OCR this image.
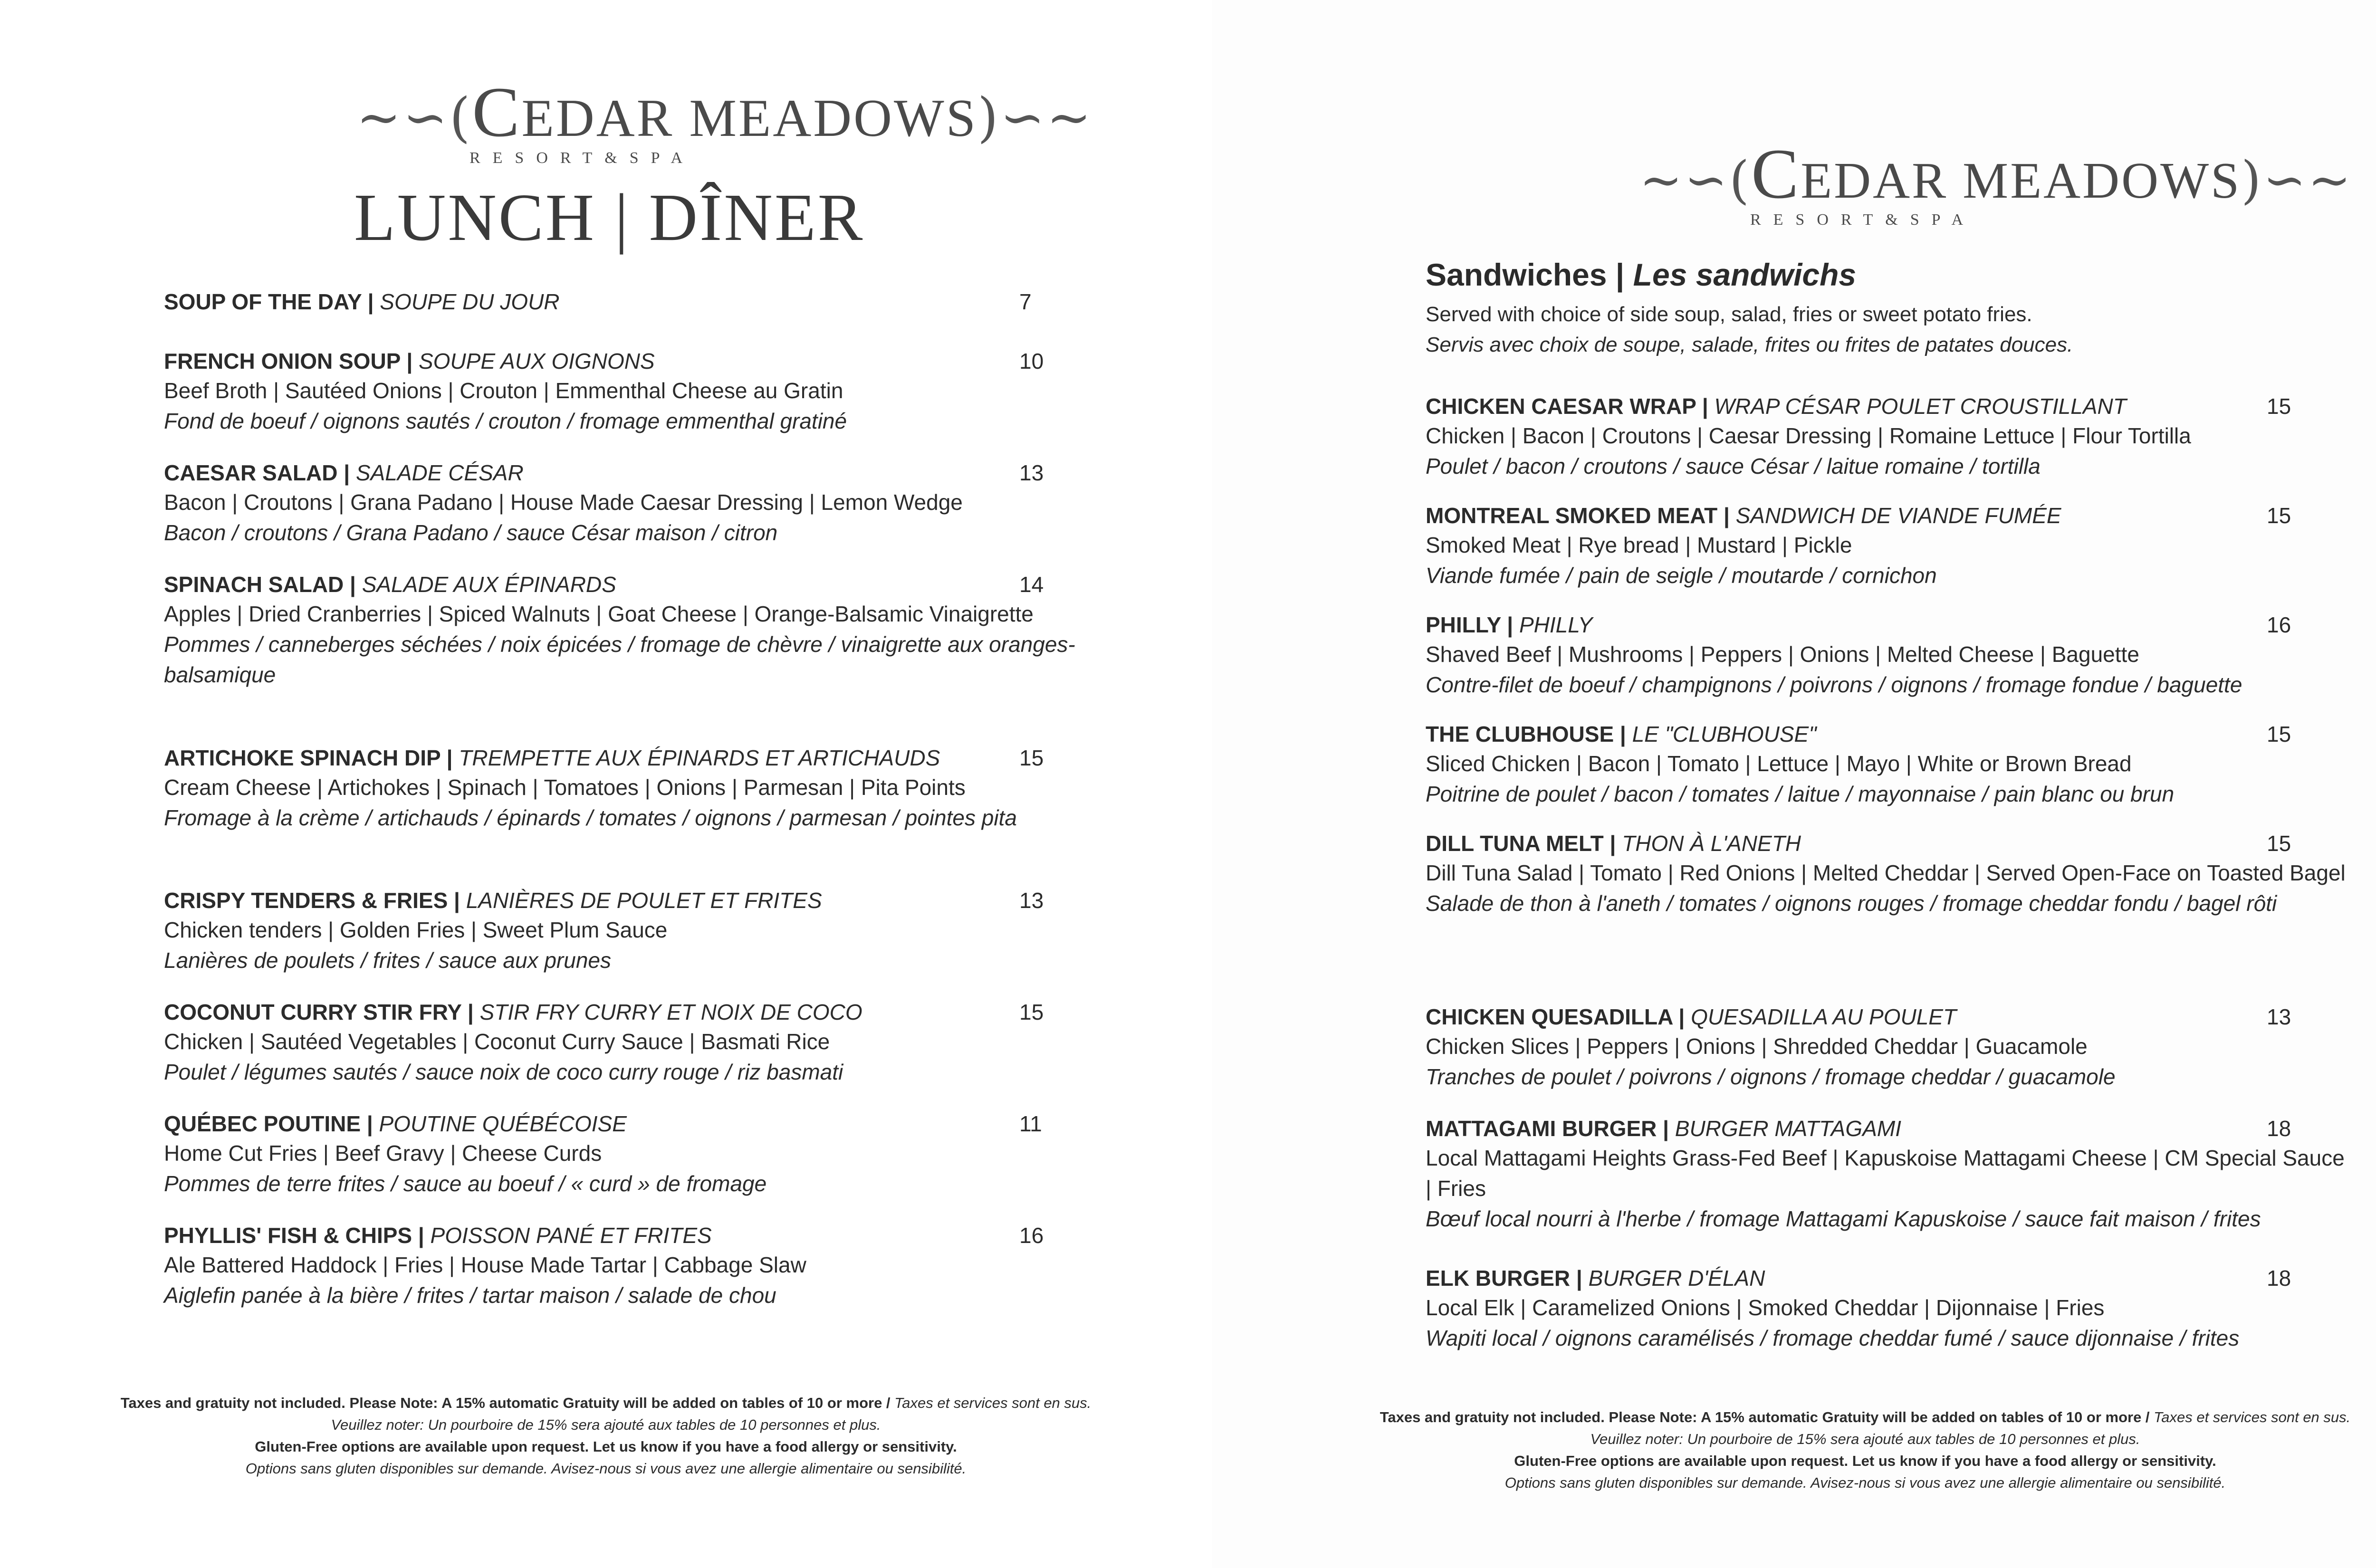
~∽(CEDAR MEADOWS)∽~
RESORT&SPA
LUNCH | DÎNER
SOUP OF THE DAY | SOUPE DU JOUR	7
FRENCH ONION SOUP | SOUPE AUX OIGNONS	10
Beef Broth | Sautéed Onions | Crouton | Emmenthal Cheese au Gratin
Fond de boeuf / oignons sautés / crouton / fromage emmenthal gratiné
CAESAR SALAD | SALADE CÉSAR	13
Bacon | Croutons | Grana Padano | House Made Caesar Dressing | Lemon Wedge
Bacon / croutons / Grana Padano / sauce César maison / citron
SPINACH SALAD | SALADE AUX ÉPINARDS	14
Apples | Dried Cranberries | Spiced Walnuts | Goat Cheese | Orange-Balsamic Vinaigrette
Pommes / canneberges séchées / noix épicées / fromage de chèvre / vinaigrette aux oranges-balsamique
ARTICHOKE SPINACH DIP | TREMPETTE AUX ÉPINARDS ET ARTICHAUDS	15
Cream Cheese | Artichokes | Spinach | Tomatoes | Onions | Parmesan | Pita Points
Fromage à la crème / artichauds / épinards / tomates / oignons / parmesan / pointes pita
CRISPY TENDERS & FRIES | LANIÈRES DE POULET ET FRITES	13
Chicken tenders | Golden Fries | Sweet Plum Sauce
Lanières de poulets / frites / sauce aux prunes
COCONUT CURRY STIR FRY | STIR FRY CURRY ET NOIX DE COCO	15
Chicken | Sautéed Vegetables | Coconut Curry Sauce | Basmati Rice
Poulet / légumes sautés / sauce noix de coco curry rouge / riz basmati
QUÉBEC POUTINE | POUTINE QUÉBÉCOISE	11
Home Cut Fries | Beef Gravy | Cheese Curds
Pommes de terre frites / sauce au boeuf / « curd » de fromage
PHYLLIS' FISH & CHIPS | POISSON PANÉ ET FRITES	16
Ale Battered Haddock | Fries | House Made Tartar | Cabbage Slaw
Aiglefin panée à la bière / frites / tartar maison / salade de chou
Taxes and gratuity not included. Please Note: A 15% automatic Gratuity will be added on tables of 10 or more / Taxes et services sont en sus. Veuillez noter: Un pourboire de 15% sera ajouté aux tables de 10 personnes et plus.
Gluten-Free options are available upon request. Let us know if you have a food allergy or sensitivity.
Options sans gluten disponibles sur demande. Avisez-nous si vous avez une allergie alimentaire ou sensibilité.
~∽(CEDAR MEADOWS)∽~
RESORT&SPA
Sandwiches | Les sandwichs
Served with choice of side soup, salad, fries or sweet potato fries.
Servis avec choix de soupe, salade, frites ou frites de patates douces.
CHICKEN CAESAR WRAP | WRAP CÉSAR POULET CROUSTILLANT	15
Chicken | Bacon | Croutons | Caesar Dressing | Romaine Lettuce | Flour Tortilla
Poulet / bacon / croutons / sauce César / laitue romaine / tortilla
MONTREAL SMOKED MEAT | SANDWICH DE VIANDE FUMÉE	15
Smoked Meat | Rye bread | Mustard | Pickle
Viande fumée / pain de seigle / moutarde / cornichon
PHILLY | PHILLY	16
Shaved Beef | Mushrooms | Peppers | Onions | Melted Cheese | Baguette
Contre-filet de boeuf / champignons / poivrons / oignons / fromage fondue / baguette
THE CLUBHOUSE | LE "CLUBHOUSE"	15
Sliced Chicken | Bacon | Tomato | Lettuce | Mayo | White or Brown Bread
Poitrine de poulet / bacon / tomates / laitue / mayonnaise / pain blanc ou brun
DILL TUNA MELT | THON À L'ANETH	15
Dill Tuna Salad | Tomato | Red Onions | Melted Cheddar | Served Open-Face on Toasted Bagel
Salade de thon à l'aneth / tomates / oignons rouges / fromage cheddar fondu / bagel rôti
CHICKEN QUESADILLA | QUESADILLA AU POULET	13
Chicken Slices | Peppers | Onions | Shredded Cheddar | Guacamole
Tranches de poulet / poivrons / oignons / fromage cheddar / guacamole
MATTAGAMI BURGER | BURGER MATTAGAMI	18
Local Mattagami Heights Grass-Fed Beef | Kapuskoise Mattagami Cheese | CM Special Sauce | Fries
Bœuf local nourri à l'herbe / fromage Mattagami Kapuskoise / sauce fait maison / frites
ELK BURGER | BURGER D'ÉLAN	18
Local Elk | Caramelized Onions | Smoked Cheddar | Dijonnaise | Fries
Wapiti local / oignons caramélisés / fromage cheddar fumé / sauce dijonnaise / frites
Taxes and gratuity not included. Please Note: A 15% automatic Gratuity will be added on tables of 10 or more / Taxes et services sont en sus. Veuillez noter: Un pourboire de 15% sera ajouté aux tables de 10 personnes et plus.
Gluten-Free options are available upon request. Let us know if you have a food allergy or sensitivity.
Options sans gluten disponibles sur demande. Avisez-nous si vous avez une allergie alimentaire ou sensibilité.
